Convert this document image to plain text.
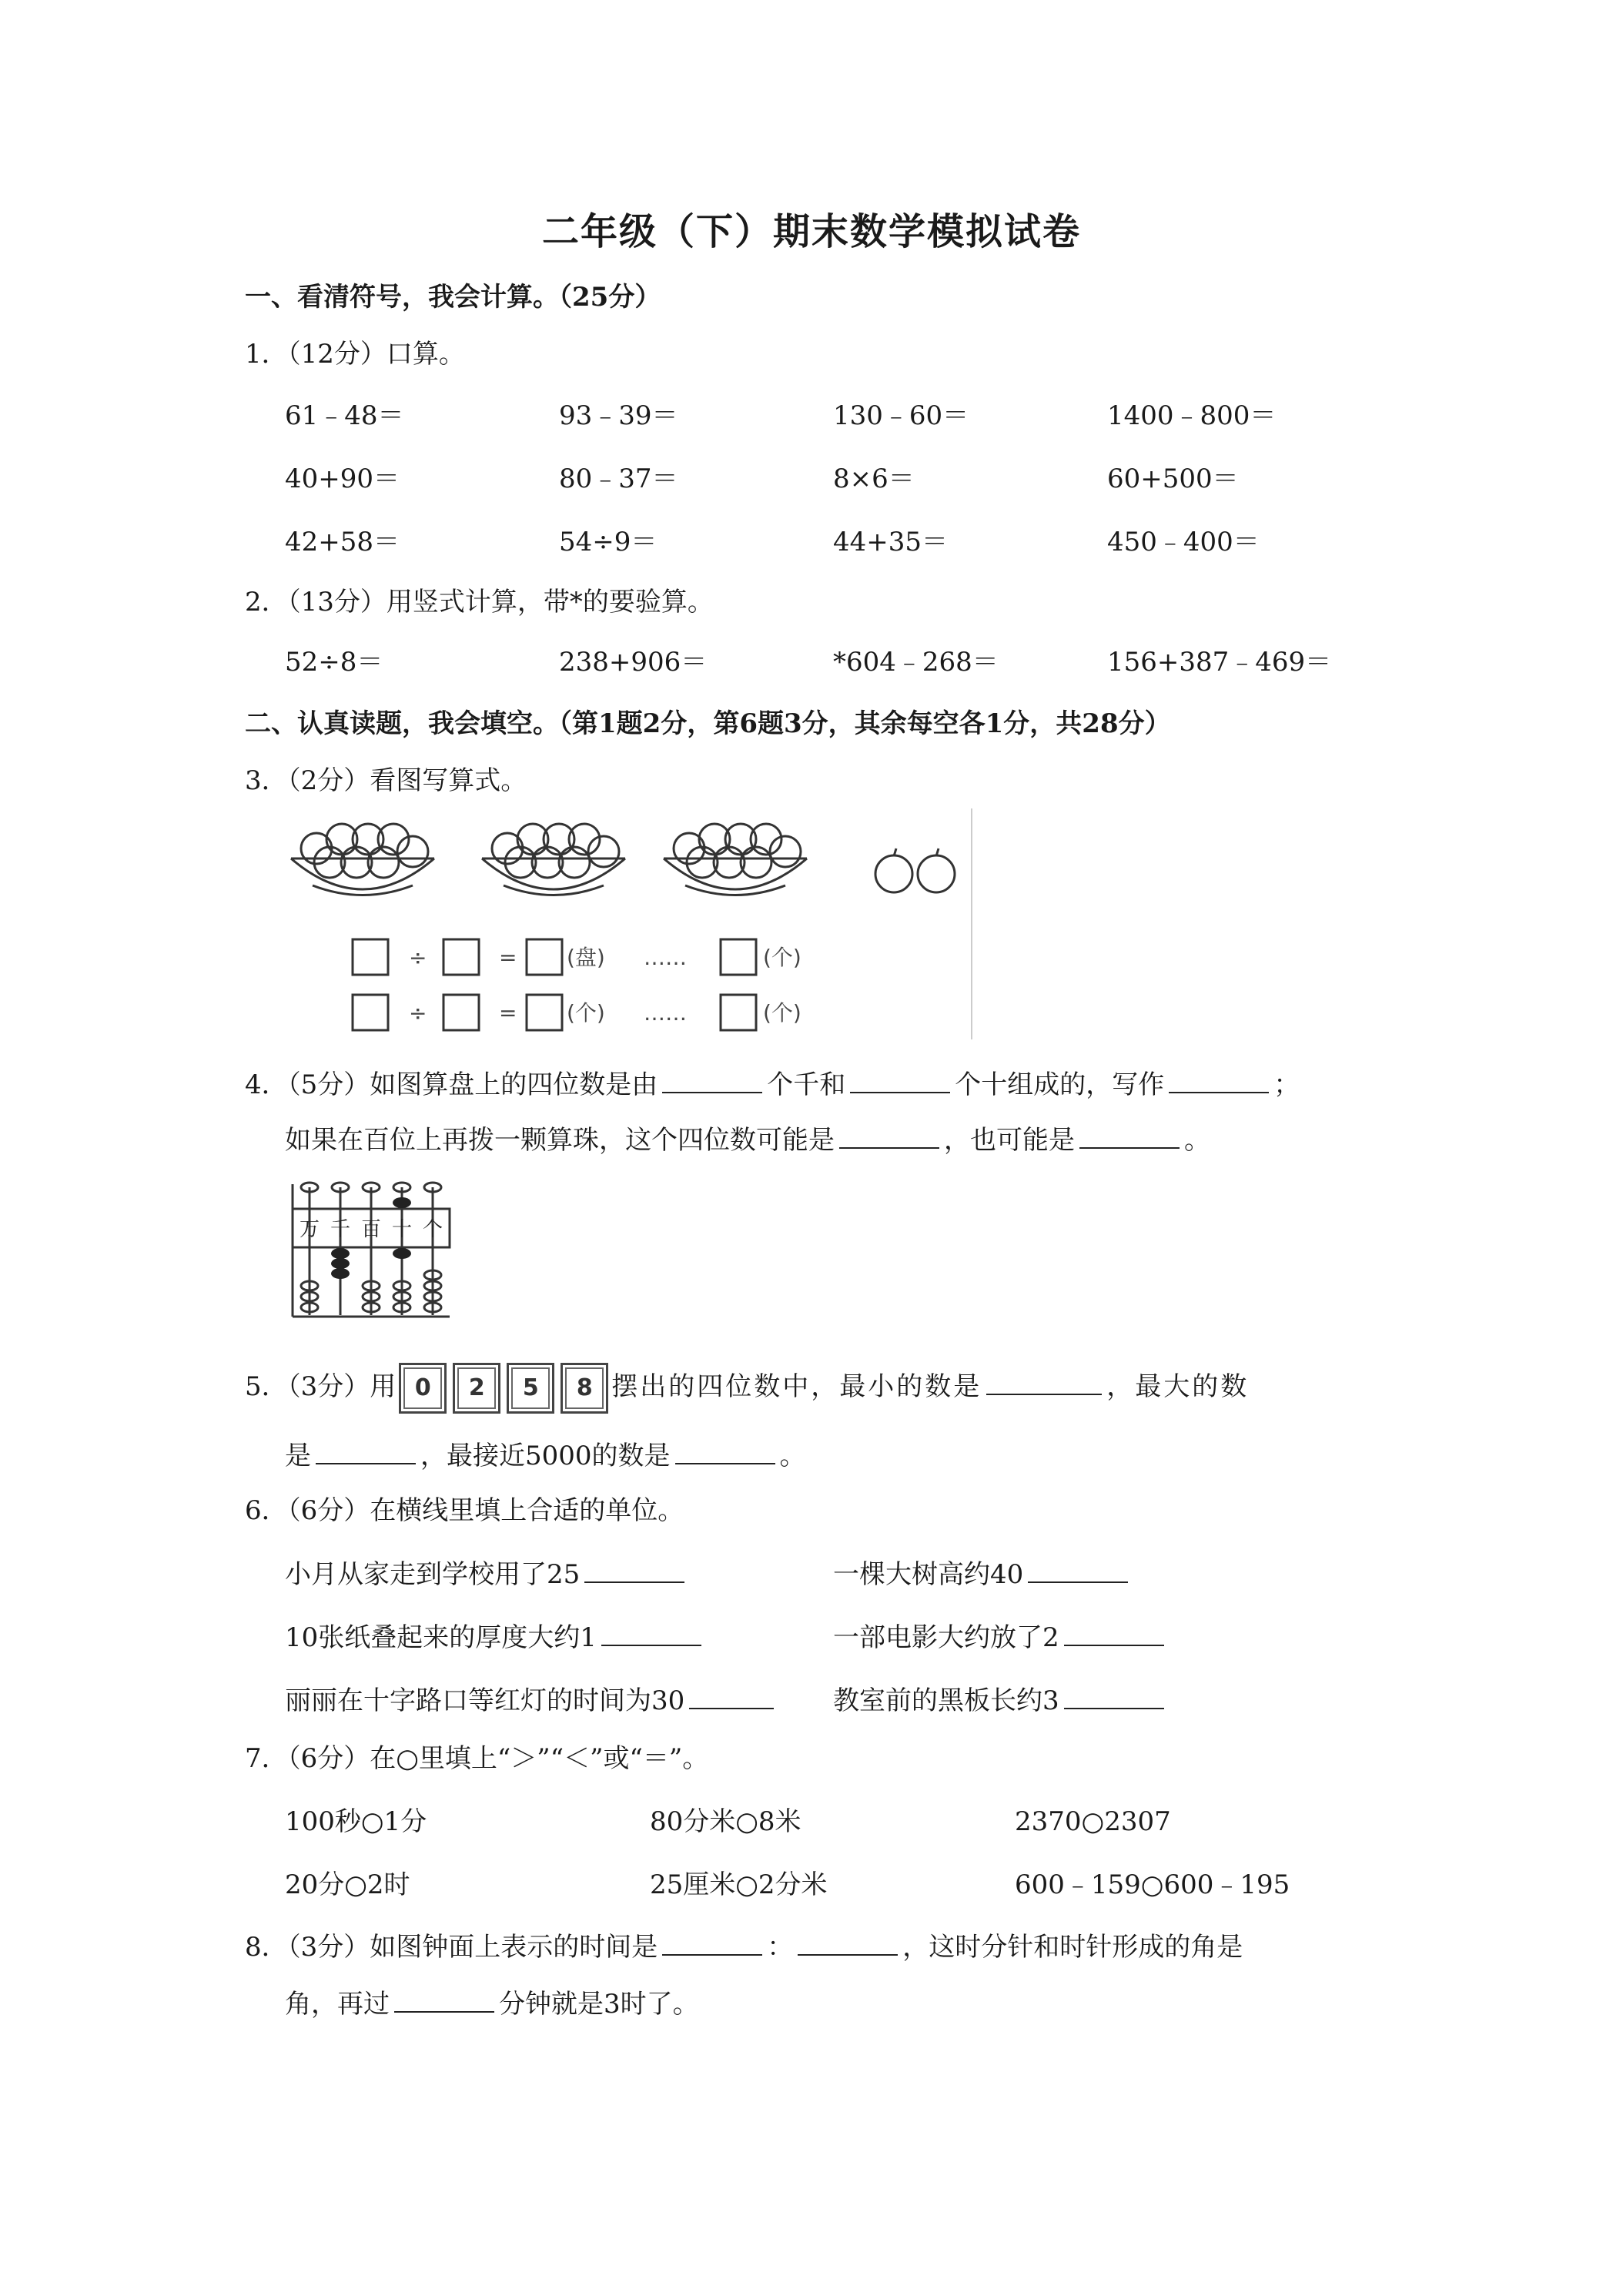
二年级（下）期末数学模拟试卷
一、看清符号，我会计算。（25分）
1．（12分）口算。
61﹣48＝	93﹣39＝	130﹣60＝	1400﹣800＝
40+90＝	80﹣37＝	8×6＝	60+500＝
42+58＝	54÷9＝	44+35＝	450﹣400＝
2．（13分）用竖式计算，带*的要验算。
52÷8＝	238+906＝	*604﹣268＝	156+387﹣469＝
二、认真读题，我会填空。（第1题2分，第6题3分，其余每空各1分，共28分）
3．（2分）看图写算式。
÷	= (盘) ……	(个)
÷	= (个) ……	(个)
4．（5分）如图算盘上的四位数是由	个千和	个十组成的，写作	；
如果在百位上再拨一颗算珠，这个四位数可能是	，也可能是	。
万 千 百 十 个
5．（3分）用 0 2 5 8 摆出的四位数中，最小的数是	，最大的数
是	，最接近5000的数是	。
6．（6分）在横线里填上合适的单位。
小月从家走到学校用了25	一棵大树高约40
10张纸叠起来的厚度大约1	一部电影大约放了2
丽丽在十字路口等红灯的时间为30	教室前的黑板长约3
7．（6分）在○里填上“＞”“＜”或“＝”。
100秒○1分	80分米○8米	2370○2307
20分○2时	25厘米○2分米	600﹣159○600﹣195
8．（3分）如图钟面上表示的时间是	：	，这时分针和时针形成的角是
角，再过	分钟就是3时了。
